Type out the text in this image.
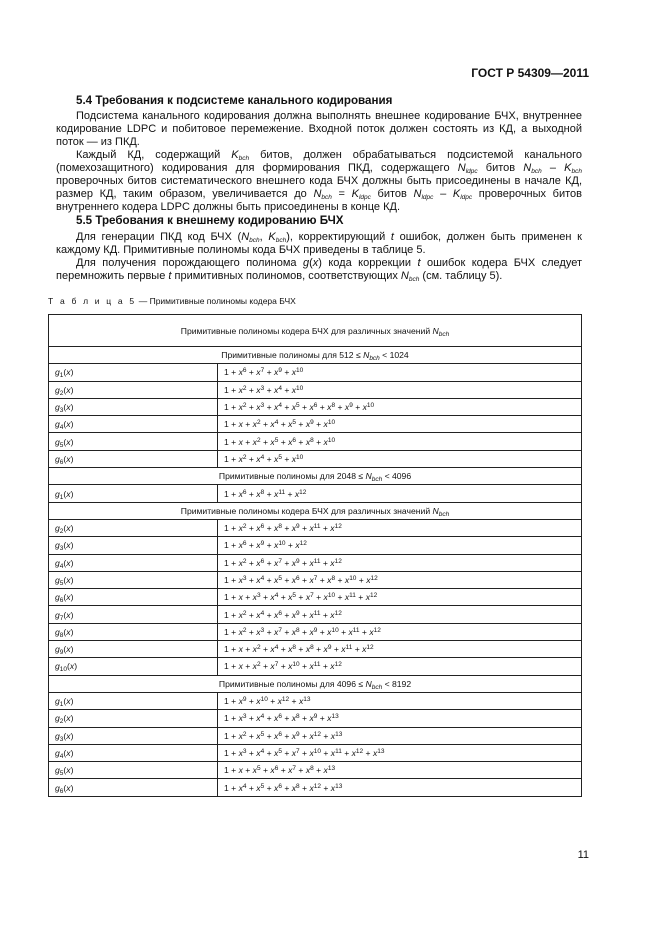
ГОСТ Р 54309—2011
5.4 Требования к подсистеме канального кодирования
Подсистема канального кодирования должна выполнять внешнее кодирование БЧХ, внутреннее кодирование LDPC и побитовое перемежение. Входной поток должен состоять из КД, а выходной поток — из ПКД.
Каждый КД, содержащий $K_{bch}$ битов, должен обрабатываться подсистемой канального (помехозащитного) кодирования для формирования ПКД, содержащего $N_{ldpc}$ битов $N_{bch} - K_{bch}$ проверочных битов систематического внешнего кода БЧХ должны быть присоединены в начале КД, размер КД, таким образом, увеличивается до $N_{bch} = K_{ldpc}$ битов $N_{ldpc} - K_{ldpc}$ проверочных битов внутреннего кодера LDPC должны быть присоединены в конце КД.
5.5 Требования к внешнему кодированию БЧХ
Для генерации ПКД код БЧХ ($N_{bch}$, $K_{bch}$), корректирующий t ошибок, должен быть применен к каждому КД. Примитивные полиномы кода БЧХ приведены в таблице 5.
Для получения порождающего полинома g(x) кода коррекции t ошибок кодера БЧХ следует перемножить первые t примитивных полиномов, соответствующих $N_{bch}$ (см. таблицу 5).
Т а б л и ц а 5 — Примитивные полиномы кодера БЧХ
Примитивные полиномы кодера БЧХ для различных значений $N_{bch}$
Примитивные полиномы для $512 \le N_{bch} < 1024$	
$g_1(x)$	$1 + x^6 + x^7 + x^9 + x^{10}$
$g_2(x)$	$1 + x^2 + x^3 + x^4 + x^{10}$
$g_3(x)$	$1 + x^2 + x^3 + x^4 + x^5 + x^6 + x^8 + x^9 + x^{10}$
$g_4(x)$	$1 + x + x^2 + x^4 + x^5 + x^9 + x^{10}$
$g_5(x)$	$1 + x + x^2 + x^5 + x^6 + x^8 + x^{10}$
$g_6(x)$	$1 + x^2 + x^4 + x^5 + x^{10}$
Примитивные полиномы для $2048 \le N_{bch} < 4096$	
$g_1(x)$	$1 + x^6 + x^8 + x^{11} + x^{12}$
Примитивные полиномы кодера БЧХ для различных значений $N_{bch}$
$g_2(x)$	$1 + x^2 + x^6 + x^8 + x^9 + x^{11} + x^{12}$
$g_3(x)$	$1 + x^6 + x^9 + x^{10} + x^{12}$
$g_4(x)$	$1 + x^2 + x^6 + x^7 + x^9 + x^{11} + x^{12}$
$g_5(x)$	$1 + x^3 + x^4 + x^5 + x^6 + x^7 + x^8 + x^{10} + x^{12}$
$g_6(x)$	$1 + x + x^3 + x^4 + x^5 + x^7 + x^{10} + x^{11} + x^{12}$
$g_7(x)$	$1 + x^2 + x^4 + x^6 + x^9 + x^{11} + x^{12}$
$g_8(x)$	$1 + x^2 + x^3 + x^7 + x^8 + x^9 + x^{10} + x^{11} + x^{12}$
$g_9(x)$	$1 + x + x^2 + x^4 + x^8 + x^8 + x^9 + x^{11} + x^{12}$
$g_{10}(x)$	$1 + x + x^2 + x^7 + x^{10} + x^{11} + x^{12}$
Примитивные полиномы для $4096 \le N_{bch} < 8192$	
$g_1(x)$	$1 + x^9 + x^{10} + x^{12} + x^{13}$
$g_2(x)$	$1 + x^3 + x^4 + x^6 + x^8 + x^9 + x^{13}$
$g_3(x)$	$1 + x^2 + x^5 + x^6 + x^9 + x^{12} + x^{13}$
$g_4(x)$	$1 + x^3 + x^4 + x^5 + x^7 + x^{10} + x^{11} + x^{12} + x^{13}$
$g_5(x)$	$1 + x + x^5 + x^6 + x^7 + x^8 + x^{13}$
$g_6(x)$	$1 + x^4 + x^5 + x^6 + x^8 + x^{12} + x^{13}$
11
